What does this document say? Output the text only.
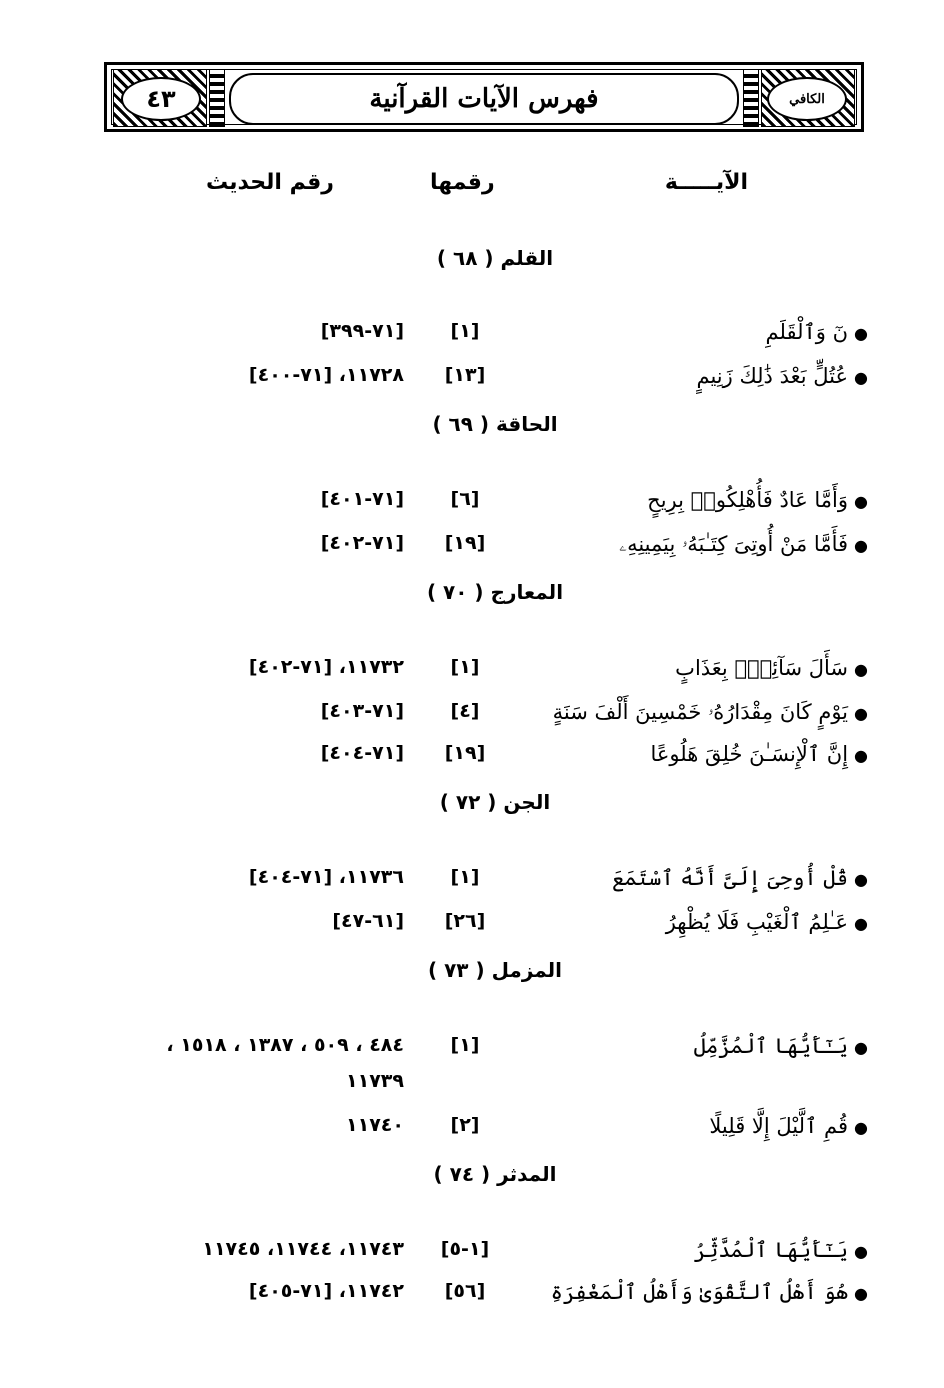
٤٣	الكافي
فهرس الآيات القرآنية
الآيـــــة
رقمها
رقم الحديث
( ٦٨ ) القلم
●نٓ وَٱلْقَلَمِ
[١]
[٧١-٣٩٩]
●عُتُلٍّ بَعْدَ ذَٰلِكَ زَنِيمٍ
[١٣]
١١٧٢٨، [٧١-٤٠٠]
( ٦٩ ) الحاقة
●وَأَمَّا عَادٌ فَأُهْلِكُوا۟ بِرِيحٍ
[٦]
[٧١-٤٠١]
●فَأَمَّا مَنْ أُوتِىَ كِتَـٰبَهُۥ بِيَمِينِهِۦ
[١٩]
[٧١-٤٠٢]
( ٧٠ ) المعارج
●سَأَلَ سَآئِلٌۢ بِعَذَابٍ
[١]
١١٧٣٢، [٧١-٤٠٢]
●يَوْمٍ كَانَ مِقْدَارُهُۥ خَمْسِينَ أَلْفَ سَنَةٍ
[٤]
[٧١-٤٠٣]
●إِنَّ ٱلْإِنسَـٰنَ خُلِقَ هَلُوعًا
[١٩]
[٧١-٤٠٤]
( ٧٢ ) الجن
●قُلْ أُوحِىَ إِلَىَّ أَنَّهُ ٱسْتَمَعَ
[١]
١١٧٣٦، [٧١-٤٠٤]
●عَـٰلِمُ ٱلْغَيْبِ فَلَا يُظْهِرُ
[٢٦]
[٦١-٤٧]
( ٧٣ ) المزمل
●يَـٰٓأَيُّهَا ٱلْمُزَّمِّلُ
[١]
٤٨٤ ، ٥٠٩ ، ١٣٨٧ ، ١٥١٨ ،
١١٧٣٩
●قُمِ ٱلَّيْلَ إِلَّا قَلِيلًا
[٢]
١١٧٤٠
( ٧٤ ) المدثر
●يَـٰٓأَيُّهَا ٱلْمُدَّثِّرُ
[١-٥]
١١٧٤٣، ١١٧٤٤، ١١٧٤٥
●هُوَ أَهْلُ ٱلتَّقْوَىٰ وَأَهْلُ ٱلْمَغْفِرَةِ
[٥٦]
١١٧٤٢، [٧١-٤٠٥]
